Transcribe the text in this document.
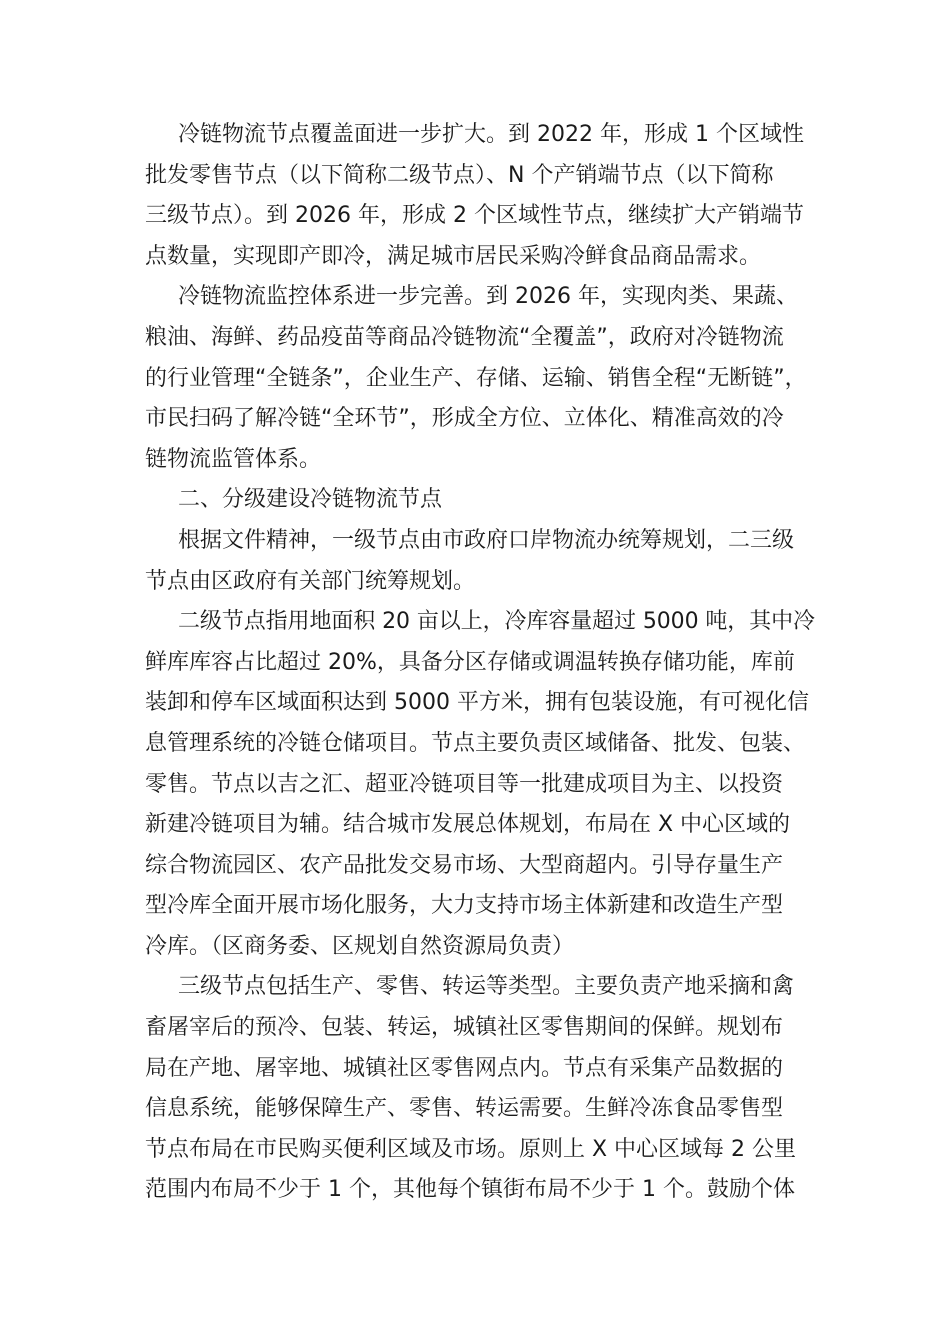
冷链物流节点覆盖面进一步扩大。到 2022 年，形成 1 个区域性
批发零售节点（以下简称二级节点）、N 个产销端节点（以下简称
三级节点）。到 2026 年，形成 2 个区域性节点，继续扩大产销端节
点数量，实现即产即冷，满足城市居民采购冷鲜食品商品需求。
冷链物流监控体系进一步完善。到 2026 年，实现肉类、果蔬、
粮油、海鲜、药品疫苗等商品冷链物流“全覆盖”，政府对冷链物流
的行业管理“全链条”，企业生产、存储、运输、销售全程“无断链”，
市民扫码了解冷链“全环节”，形成全方位、立体化、精准高效的冷
链物流监管体系。
二、分级建设冷链物流节点
根据文件精神，一级节点由市政府口岸物流办统筹规划，二三级
节点由区政府有关部门统筹规划。
二级节点指用地面积 20 亩以上，冷库容量超过 5000 吨，其中冷
鲜库库容占比超过 20%，具备分区存储或调温转换存储功能，库前
装卸和停车区域面积达到 5000 平方米，拥有包装设施，有可视化信
息管理系统的冷链仓储项目。节点主要负责区域储备、批发、包装、
零售。节点以吉之汇、超亚冷链项目等一批建成项目为主、以投资
新建冷链项目为辅。结合城市发展总体规划，布局在 X 中心区域的
综合物流园区、农产品批发交易市场、大型商超内。引导存量生产
型冷库全面开展市场化服务，大力支持市场主体新建和改造生产型
冷库。（区商务委、区规划自然资源局负责）
三级节点包括生产、零售、转运等类型。主要负责产地采摘和禽
畜屠宰后的预冷、包装、转运，城镇社区零售期间的保鲜。规划布
局在产地、屠宰地、城镇社区零售网点内。节点有采集产品数据的
信息系统，能够保障生产、零售、转运需要。生鲜冷冻食品零售型
节点布局在市民购买便利区域及市场。原则上 X 中心区域每 2 公里
范围内布局不少于 1 个，其他每个镇街布局不少于 1 个。鼓励个体
